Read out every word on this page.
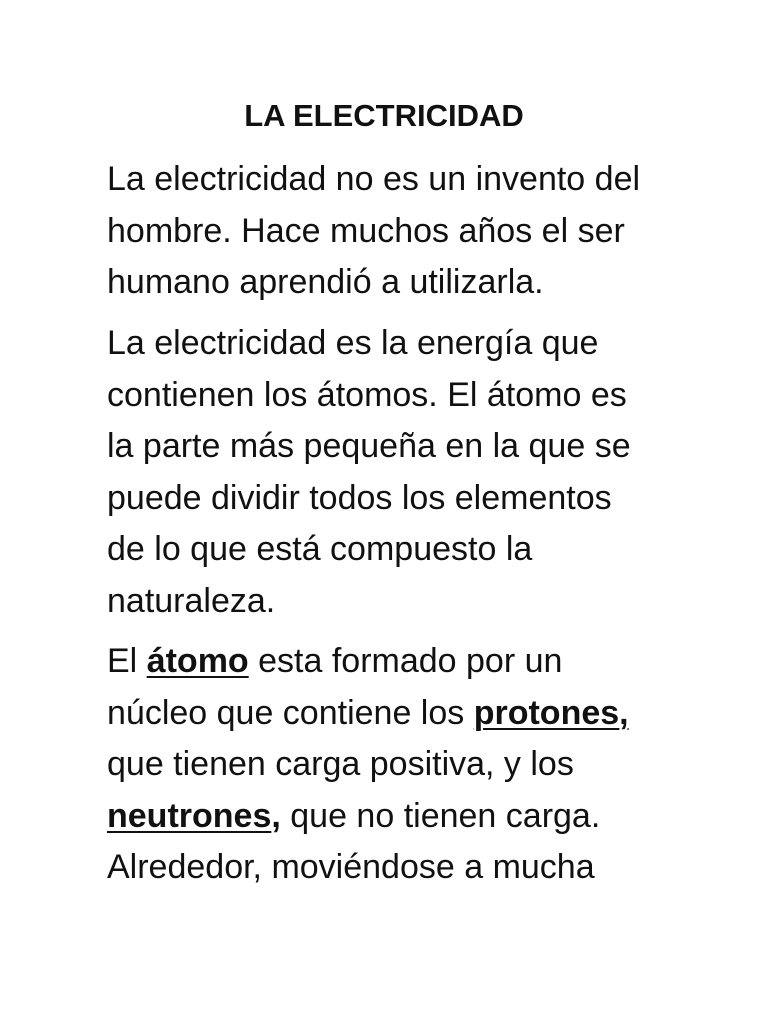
LA ELECTRICIDAD

La electricidad no es un invento del
hombre. Hace muchos años el ser
humano aprendió a utilizarla.

La electricidad es la energía que
contienen los átomos. El átomo es
la parte más pequeña en la que se
puede dividir todos los elementos
de lo que está compuesto la
naturaleza.

El átomo esta formado por un
núcleo que contiene los protones,
que tienen carga positiva, y los
neutrones, que no tienen carga.
Alrededor, moviéndose a mucha
